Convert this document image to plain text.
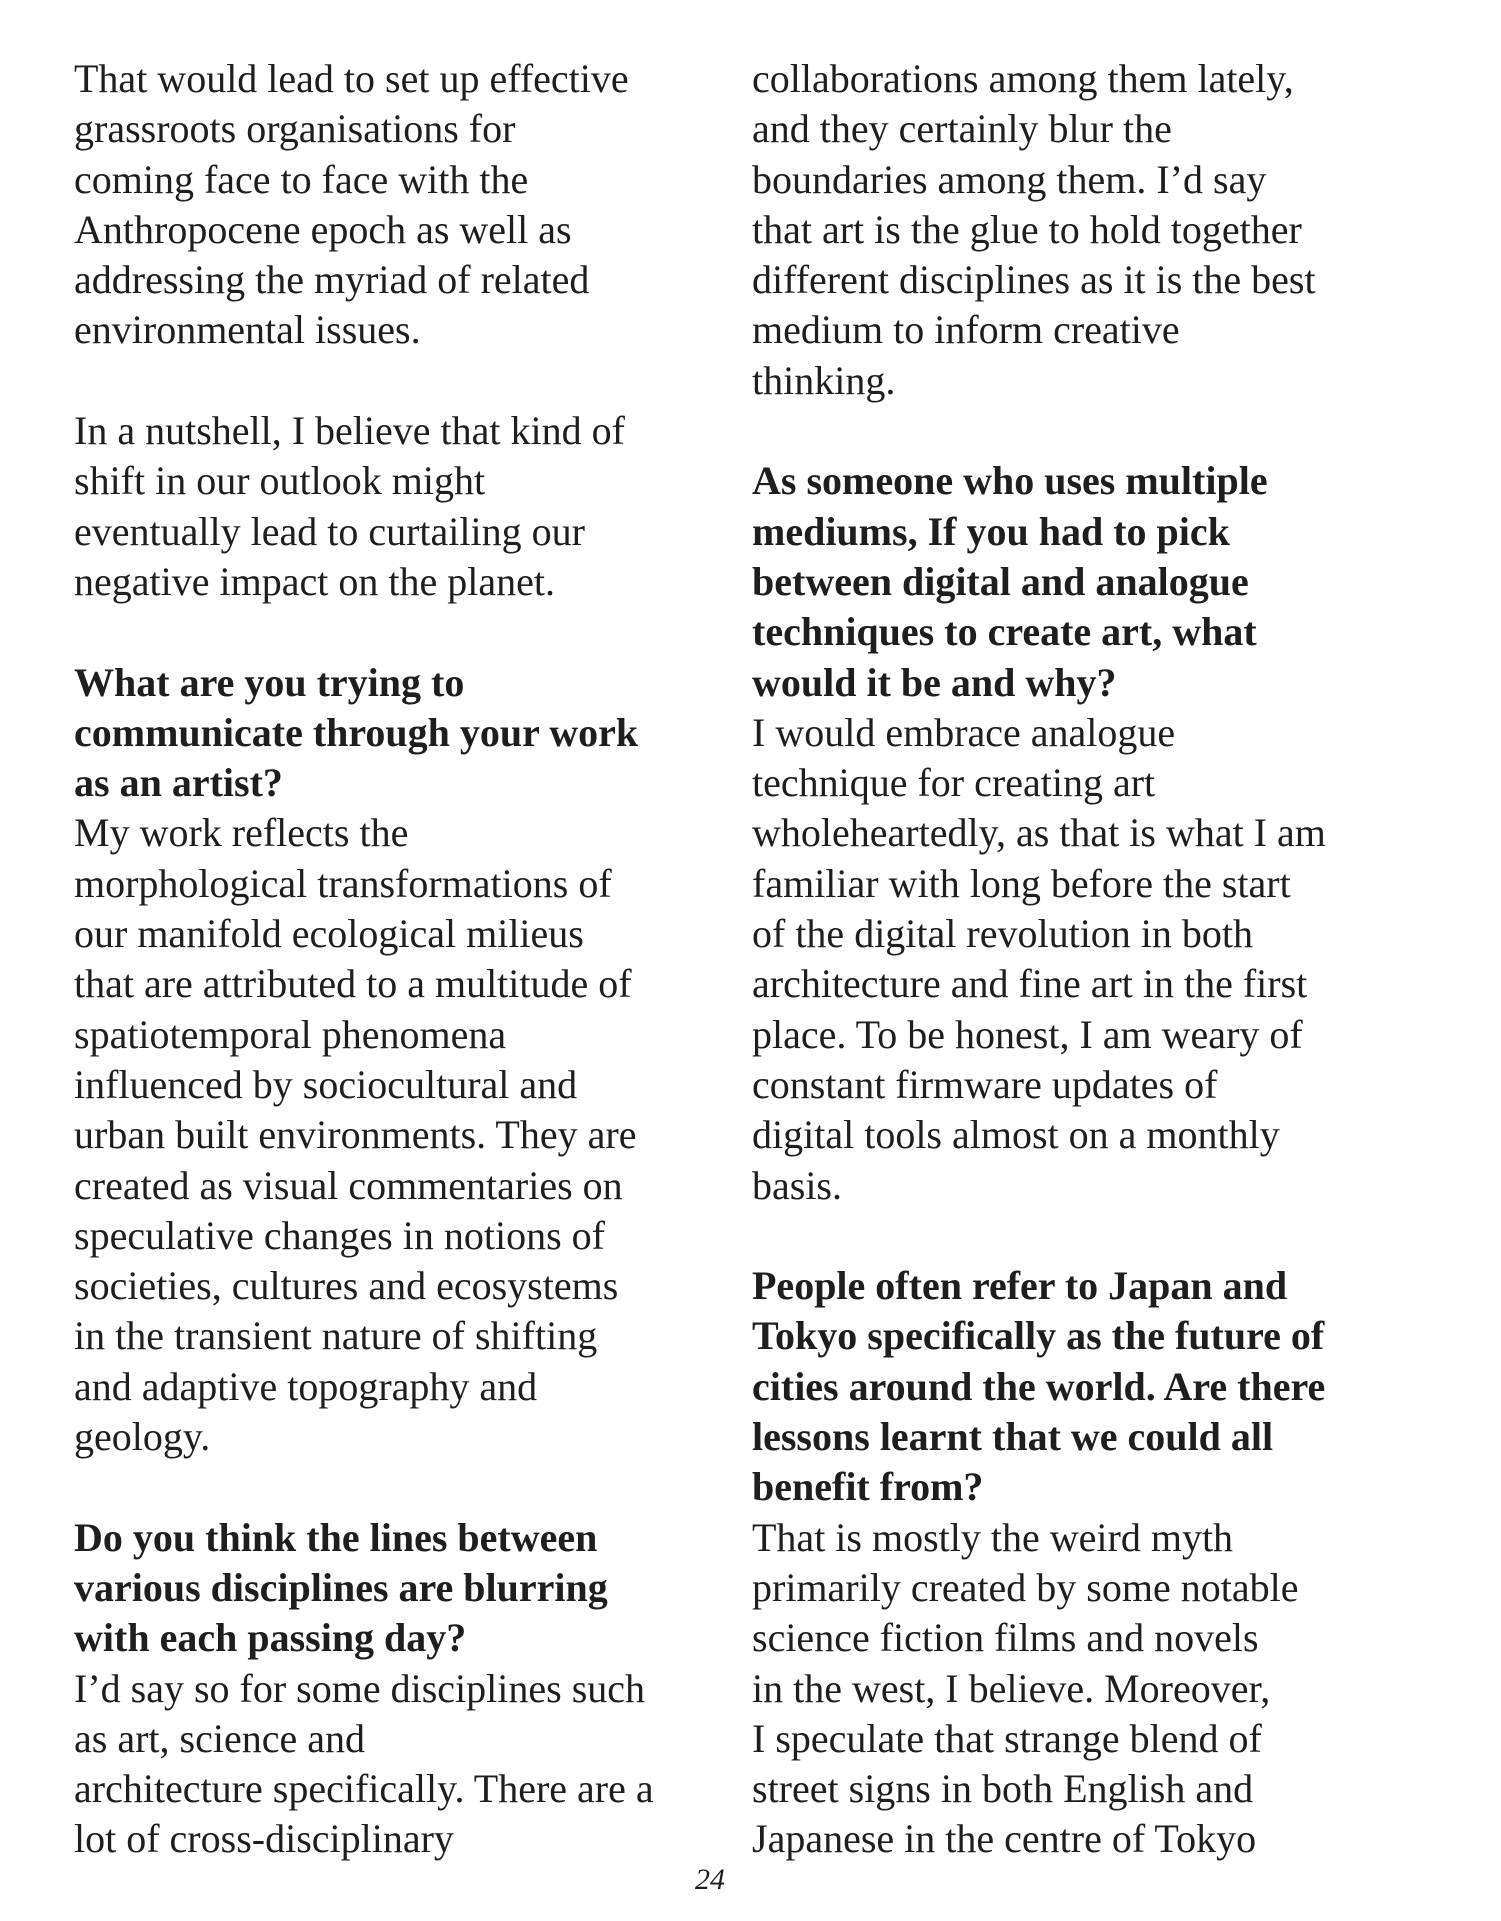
That would lead to set up effective
grassroots organisations for
coming face to face with the
Anthropocene epoch as well as
addressing the myriad of related
environmental issues.
In a nutshell, I believe that kind of
shift in our outlook might
eventually lead to curtailing our
negative impact on the planet.
What are you trying to
communicate through your work
as an artist?
My work reflects the
morphological transformations of
our manifold ecological milieus
that are attributed to a multitude of
spatiotemporal phenomena
influenced by sociocultural and
urban built environments. They are
created as visual commentaries on
speculative changes in notions of
societies, cultures and ecosystems
in the transient nature of shifting
and adaptive topography and
geology.
Do you think the lines between
various disciplines are blurring
with each passing day?
I’d say so for some disciplines such
as art, science and
architecture specifically. There are a
lot of cross-disciplinary
collaborations among them lately,
and they certainly blur the
boundaries among them. I’d say
that art is the glue to hold together
different disciplines as it is the best
medium to inform creative
thinking.
As someone who uses multiple
mediums, If you had to pick
between digital and analogue
techniques to create art, what
would it be and why?
I would embrace analogue
technique for creating art
wholeheartedly, as that is what I am
familiar with long before the start
of the digital revolution in both
architecture and fine art in the first
place. To be honest, I am weary of
constant firmware updates of
digital tools almost on a monthly
basis.
People often refer to Japan and
Tokyo specifically as the future of
cities around the world. Are there
lessons learnt that we could all
benefit from?
That is mostly the weird myth
primarily created by some notable
science fiction films and novels
in the west, I believe. Moreover,
I speculate that strange blend of
street signs in both English and
Japanese in the centre of Tokyo
24
